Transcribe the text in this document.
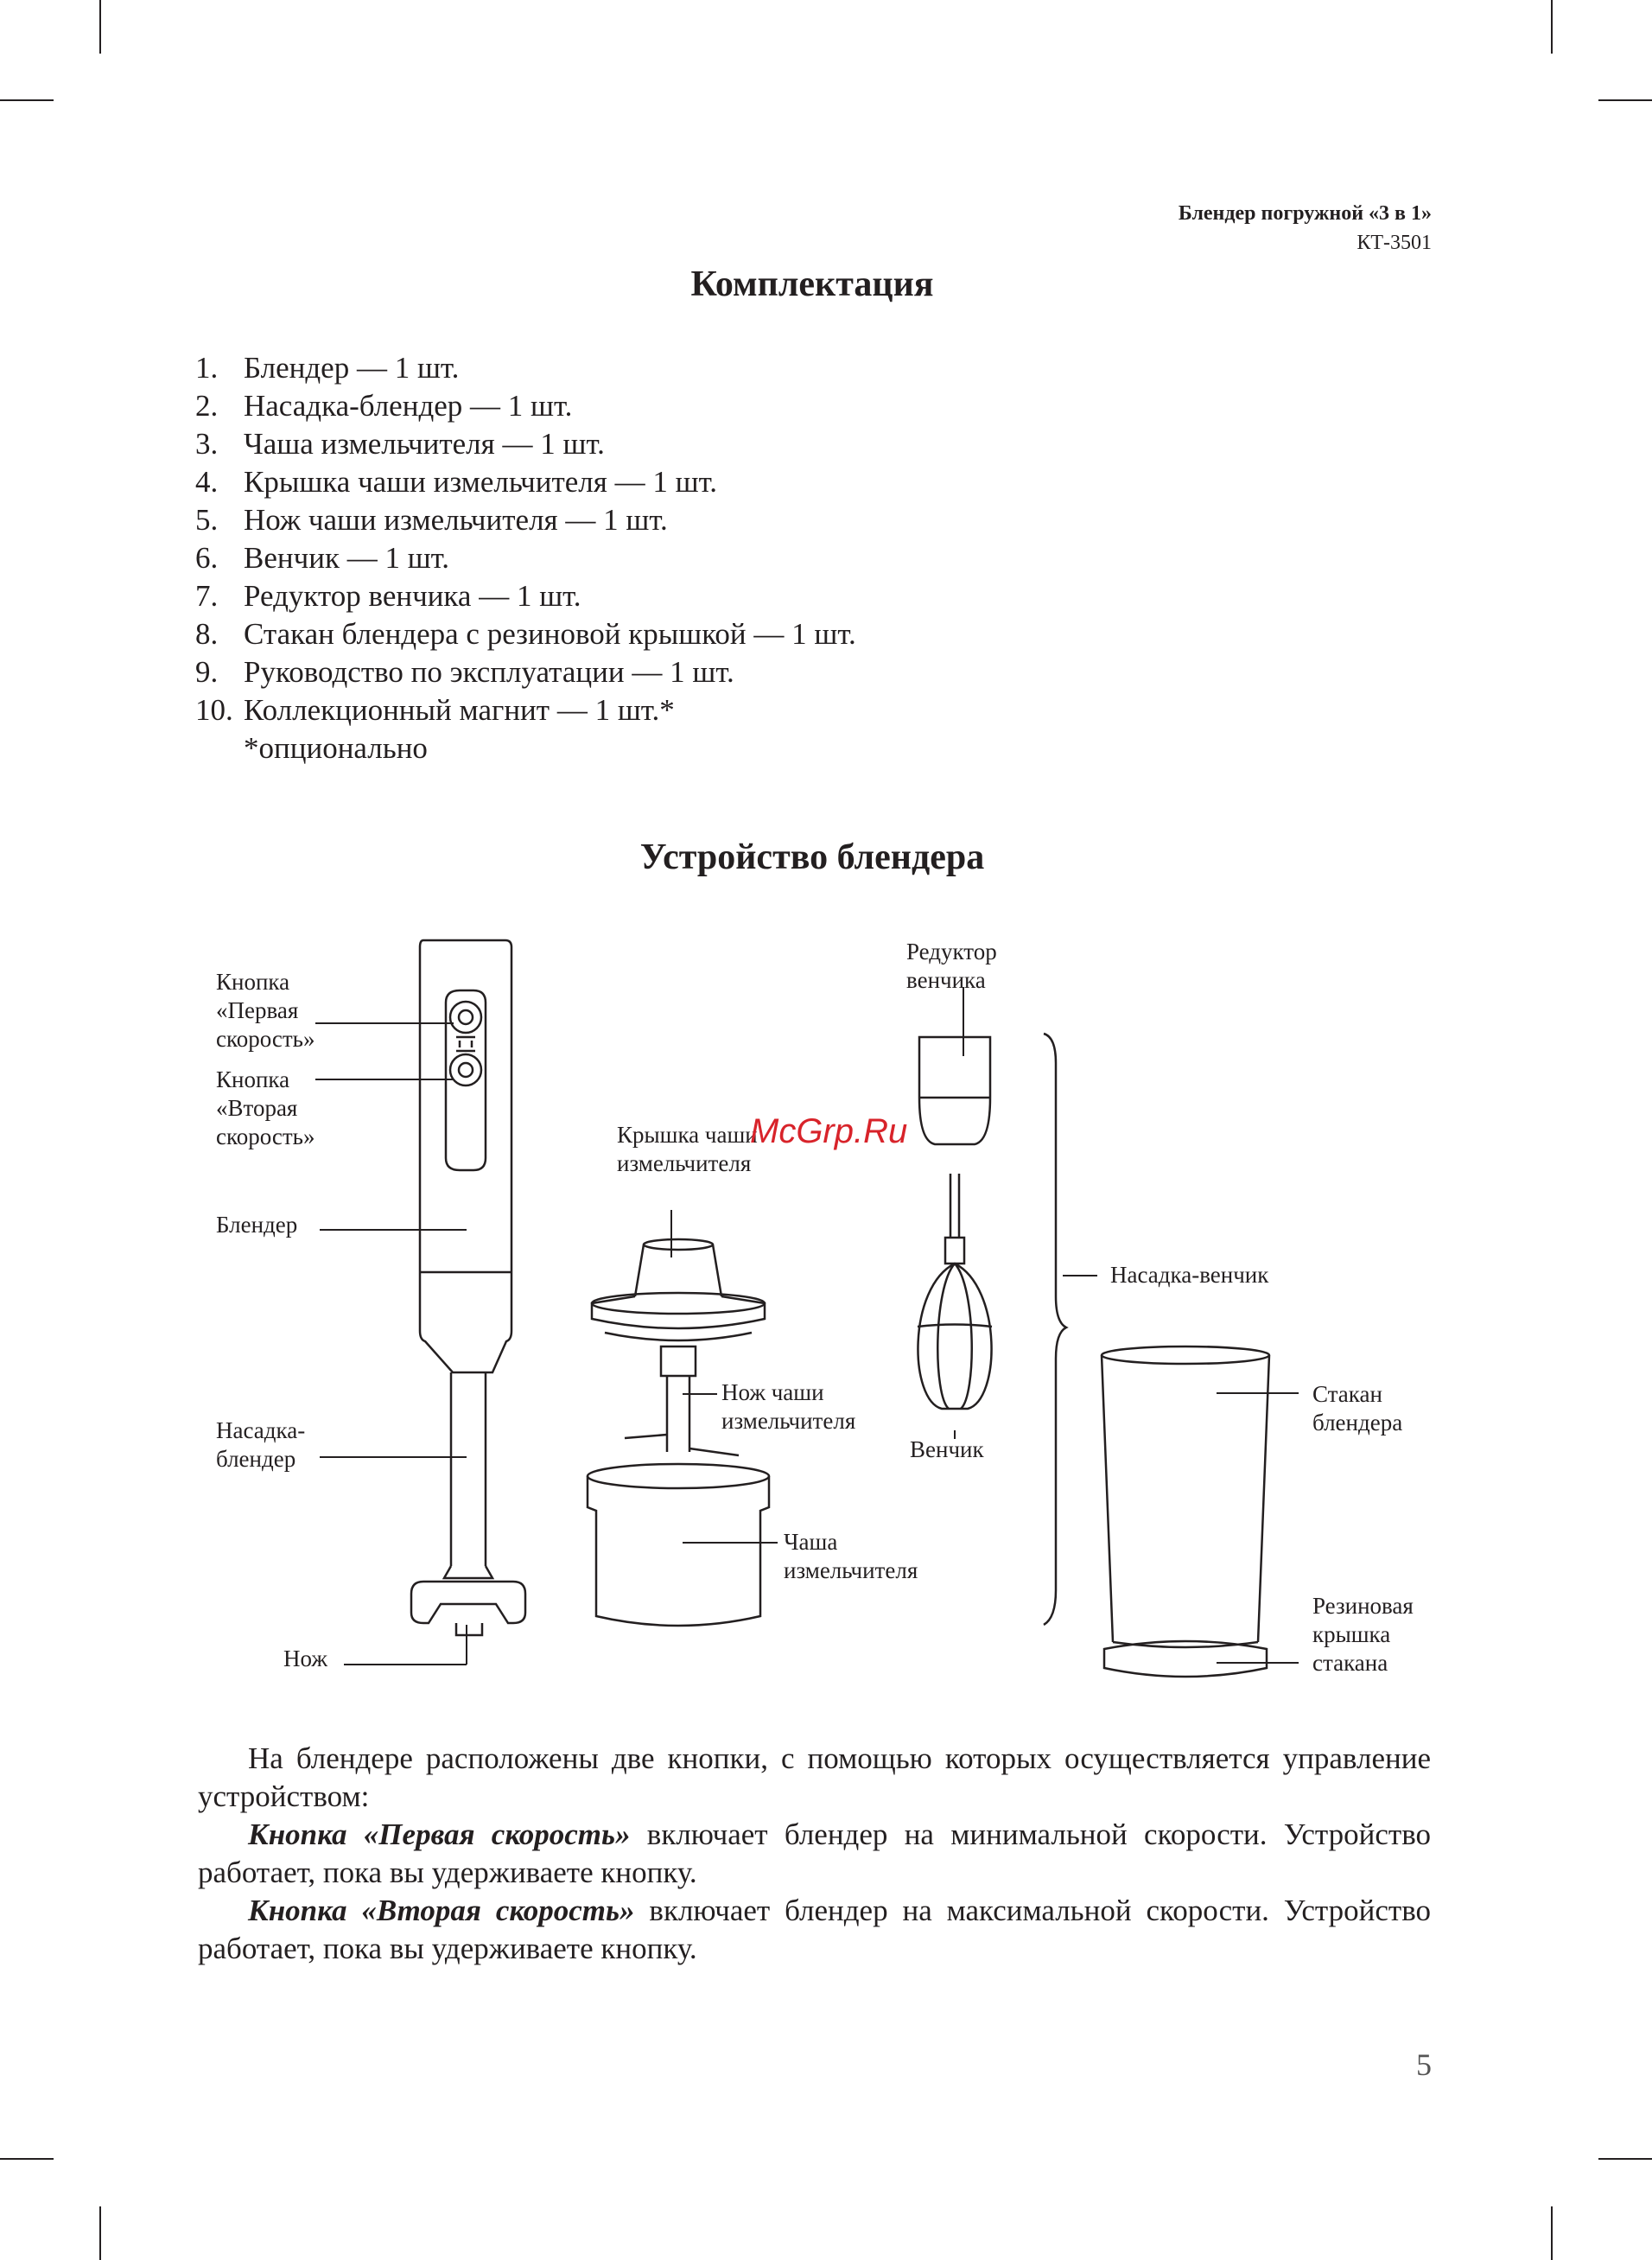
Блендер погружной «3 в 1»
КТ-3501
Комплектация
1. Блендер — 1 шт.
2. Насадка-блендер — 1 шт.
3. Чаша измельчителя — 1 шт.
4. Крышка чаши измельчителя — 1 шт.
5. Нож чаши измельчителя — 1 шт.
6. Венчик — 1 шт.
7. Редуктор венчика — 1 шт.
8. Стакан блендера с резиновой крышкой — 1 шт.
9. Руководство по эксплуатации — 1 шт.
10. Коллекционный магнит — 1 шт.*
*опционально
Устройство блендера
Кнопка
«Первая
скорость»
Кнопка
«Вторая
скорость»
Блендер
Насадка-
блендер
Нож
Крышка чаши
измельчителя
Нож чаши
измельчителя
Чаша
измельчителя
Редуктор
венчика
Насадка-венчик
Венчик
Стакан
блендера
Резиновая
крышка
стакана
McGrp.Ru

На блендере расположены две кнопки, с помощью которых осуществляется управление устройством:

Кнопка «Первая скорость» включает блендер на минимальной скорости. Устройство работает, пока вы удерживаете кнопку.

Кнопка «Вторая скорость» включает блендер на максимальной скорости. Устройство работает, пока вы удерживаете кнопку.

5
